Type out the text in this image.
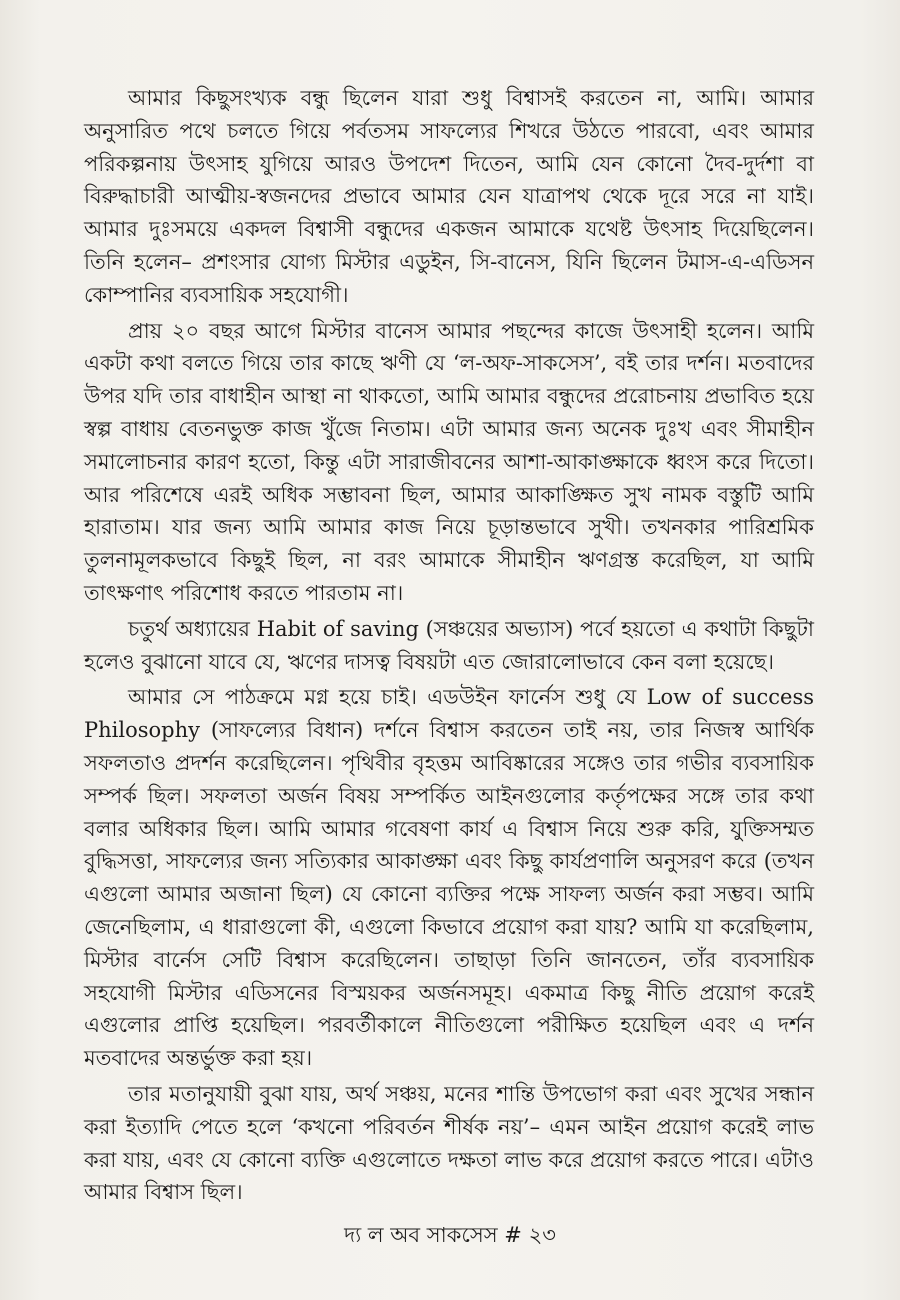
আমার কিছুসংখ্যক বন্ধু ছিলেন যারা শুধু বিশ্বাসই করতেন না, আমি। আমার অনুসারিত পথে চলতে গিয়ে পর্বতসম সাফল্যের শিখরে উঠতে পারবো, এবং আমার পরিকল্পনায় উৎসাহ যুগিয়ে আরও উপদেশ দিতেন, আমি যেন কোনো দৈব-দুর্দশা বা বিরুদ্ধাচারী আত্মীয়-স্বজনদের প্রভাবে আমার যেন যাত্রাপথ থেকে দূরে সরে না যাই। আমার দুঃসময়ে একদল বিশ্বাসী বন্ধুদের একজন আমাকে যথেষ্ট উৎসাহ দিয়েছিলেন। তিনি হলেন– প্রশংসার যোগ্য মিস্টার এডুইন, সি-বানেস, যিনি ছিলেন টমাস-এ-এডিসন কোম্পানির ব্যবসায়িক সহযোগী।

প্রায় ২০ বছর আগে মিস্টার বানেস আমার পছন্দের কাজে উৎসাহী হলেন। আমি একটা কথা বলতে গিয়ে তার কাছে ঋণী যে ‘ল-অফ-সাকসেস’, বই তার দর্শন। মতবাদের উপর যদি তার বাধাহীন আস্থা না থাকতো, আমি আমার বন্ধুদের প্ররোচনায় প্রভাবিত হয়ে স্বল্প বাধায় বেতনভুক্ত কাজ খুঁজে নিতাম। এটা আমার জন্য অনেক দুঃখ এবং সীমাহীন সমালোচনার কারণ হতো, কিন্তু এটা সারাজীবনের আশা-আকাঙ্ক্ষাকে ধ্বংস করে দিতো। আর পরিশেষে এরই অধিক সম্ভাবনা ছিল, আমার আকাঙ্ক্ষিত সুখ নামক বস্তুটি আমি হারাতাম। যার জন্য আমি আমার কাজ নিয়ে চূড়ান্তভাবে সুখী। তখনকার পারিশ্রমিক তুলনামূলকভাবে কিছুই ছিল, না বরং আমাকে সীমাহীন ঋণগ্রস্ত করেছিল, যা আমি তাৎক্ষণাৎ পরিশোধ করতে পারতাম না।

চতুর্থ অধ্যায়ের Habit of saving (সঞ্চয়ের অভ্যাস) পর্বে হয়তো এ কথাটা কিছুটা হলেও বুঝানো যাবে যে, ঋণের দাসত্ব বিষয়টা এত জোরালোভাবে কেন বলা হয়েছে।

আমার সে পাঠক্রমে মগ্ন হয়ে চাই। এডউইন ফার্নেস শুধু যে Low of success Philosophy (সাফল্যের বিধান) দর্শনে বিশ্বাস করতেন তাই নয়, তার নিজস্ব আর্থিক সফলতাও প্রদর্শন করেছিলেন। পৃথিবীর বৃহত্তম আবিষ্কারের সঙ্গেও তার গভীর ব্যবসায়িক সম্পর্ক ছিল। সফলতা অর্জন বিষয় সম্পর্কিত আইনগুলোর কর্তৃপক্ষের সঙ্গে তার কথা বলার অধিকার ছিল। আমি আমার গবেষণা কার্য এ বিশ্বাস নিয়ে শুরু করি, যুক্তিসম্মত বুদ্ধিসত্তা, সাফল্যের জন্য সত্যিকার আকাঙ্ক্ষা এবং কিছু কার্যপ্রণালি অনুসরণ করে (তখন এগুলো আমার অজানা ছিল) যে কোনো ব্যক্তির পক্ষে সাফল্য অর্জন করা সম্ভব। আমি জেনেছিলাম, এ ধারাগুলো কী, এগুলো কিভাবে প্রয়োগ করা যায়? আমি যা করেছিলাম, মিস্টার বার্নেস সেটি বিশ্বাস করেছিলেন। তাছাড়া তিনি জানতেন, তাঁর ব্যবসায়িক সহযোগী মিস্টার এডিসনের বিস্ময়কর অর্জনসমূহ। একমাত্র কিছু নীতি প্রয়োগ করেই এগুলোর প্রাপ্তি হয়েছিল। পরবর্তীকালে নীতিগুলো পরীক্ষিত হয়েছিল এবং এ দর্শন মতবাদের অন্তর্ভুক্ত করা হয়।

তার মতানুযায়ী বুঝা যায়, অর্থ সঞ্চয়, মনের শান্তি উপভোগ করা এবং সুখের সন্ধান করা ইত্যাদি পেতে হলে ‘কখনো পরিবর্তন শীর্ষক নয়’– এমন আইন প্রয়োগ করেই লাভ করা যায়, এবং যে কোনো ব্যক্তি এগুলোতে দক্ষতা লাভ করে প্রয়োগ করতে পারে। এটাও আমার বিশ্বাস ছিল।

দ্য ল অব সাকসেস # ২৩
